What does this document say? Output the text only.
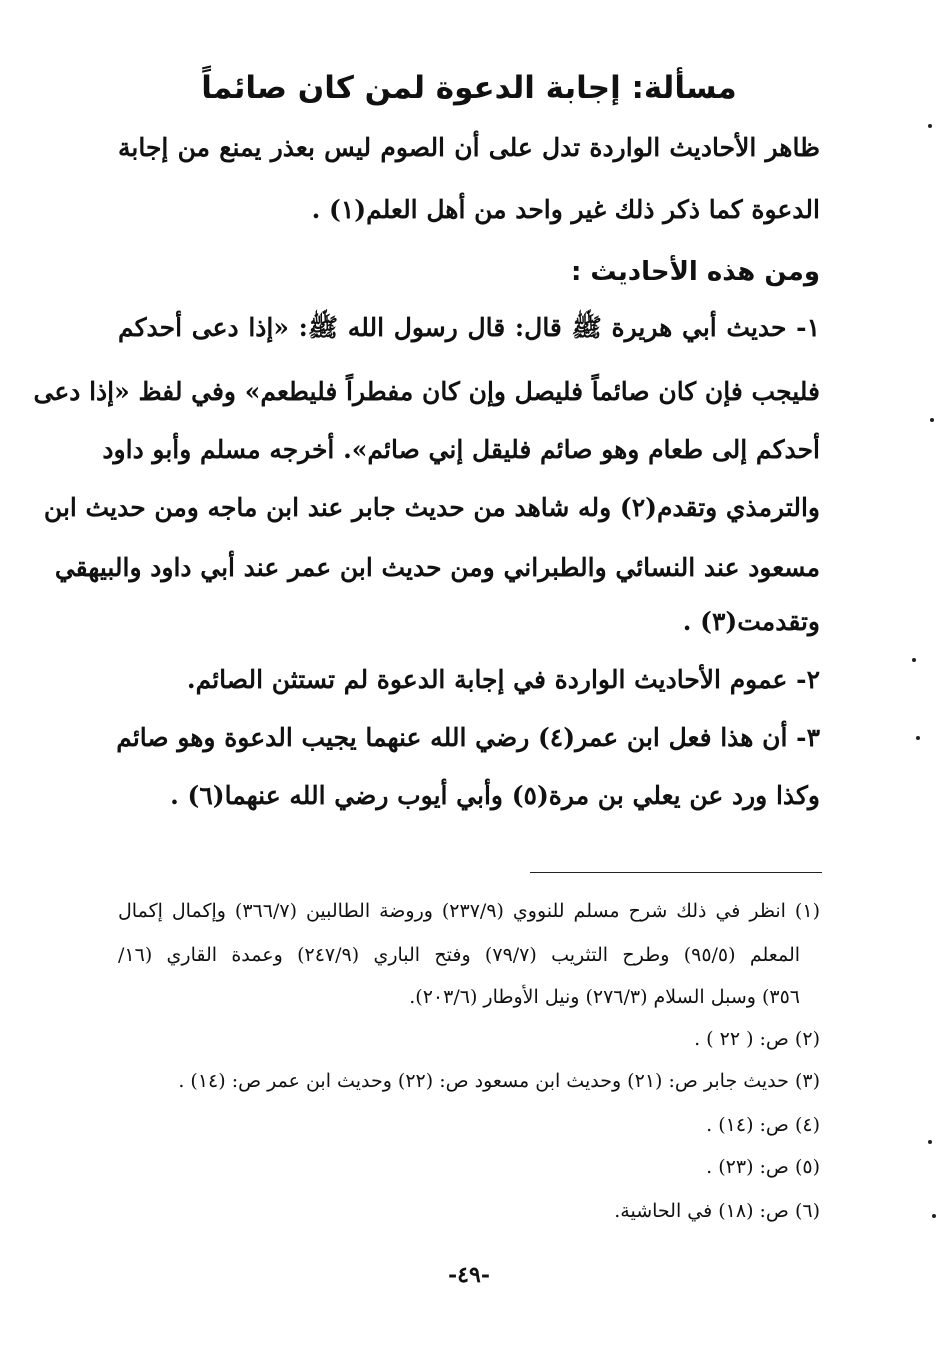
مسألة: إجابة الدعوة لمن كان صائماً
ظاهر الأحاديث الواردة تدل على أن الصوم ليس بعذر يمنع من إجابة
الدعوة كما ذكر ذلك غير واحد من أهل العلم(١) .
ومن هذه الأحاديث :
١- حديث أبي هريرة ﷺ قال: قال رسول الله ﷺ: «إذا دعى أحدكم
فليجب فإن كان صائماً فليصل وإن كان مفطراً فليطعم» وفي لفظ «إذا دعى
أحدكم إلى طعام وهو صائم فليقل إني صائم». أخرجه مسلم وأبو داود
والترمذي وتقدم(٢) وله شاهد من حديث جابر عند ابن ماجه ومن حديث ابن
مسعود عند النسائي والطبراني ومن حديث ابن عمر عند أبي داود والبيهقي
وتقدمت(٣) .
٢- عموم الأحاديث الواردة في إجابة الدعوة لم تستثن الصائم.
٣- أن هذا فعل ابن عمر(٤) رضي الله عنهما يجيب الدعوة وهو صائم
وكذا ورد عن يعلي بن مرة(٥) وأبي أيوب رضي الله عنهما(٦) .
(١) انظر في ذلك شرح مسلم للنووي (٢٣٧/٩) وروضة الطالبين (٣٦٦/٧) وإكمال إكمال
المعلم (٩٥/٥) وطرح التثريب (٧٩/٧) وفتح الباري (٢٤٧/٩) وعمدة القاري (١٦/
٣٥٦) وسبل السلام (٢٧٦/٣) ونيل الأوطار (٢٠٣/٦).
(٢) ص: ( ٢٢ ) .
(٣) حديث جابر ص: (٢١) وحديث ابن مسعود ص: (٢٢) وحديث ابن عمر ص: (١٤) .
(٤) ص: (١٤) .
(٥) ص: (٢٣) .
(٦) ص: (١٨) في الحاشية.
-٤٩-
